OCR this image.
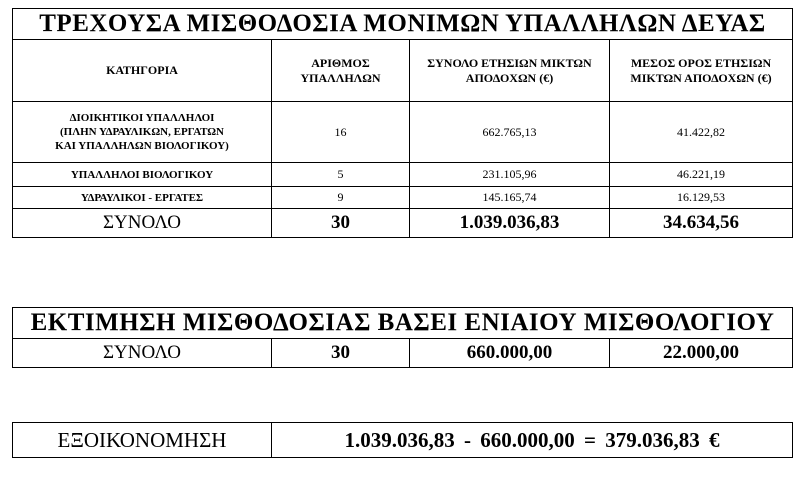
ΤΡΕΧΟΥΣΑ ΜΙΣΘΟΔΟΣΙΑ ΜΟΝΙΜΩΝ ΥΠΑΛΛΗΛΩΝ ΔΕΥΑΣ			
ΚΑΤΗΓΟΡΙΑ	ΑΡΙΘΜΟΣ ΥΠΑΛΛΗΛΩΝ	ΣΥΝΟΛΟ ΕΤΗΣΙΩΝ ΜΙΚΤΩΝ ΑΠΟΔΟΧΩΝ (€)	ΜΕΣΟΣ ΟΡΟΣ ΕΤΗΣΙΩΝ ΜΙΚΤΩΝ ΑΠΟΔΟΧΩΝ (€)

ΔΙΟΙΚΗΤΙΚΟΙ ΥΠΑΛΛΗΛΟΙ
(ΠΛΗΝ ΥΔΡΑΥΛΙΚΩΝ, ΕΡΓΑΤΩΝ
ΚΑΙ ΥΠΑΛΛΗΛΩΝ ΒΙΟΛΟΓΙΚΟΥ)	16	662.765,13	41.422,82
ΥΠΑΛΛΗΛΟΙ ΒΙΟΛΟΓΙΚΟΥ	5	231.105,96	46.221,19
ΥΔΡΑΥΛΙΚΟΙ - ΕΡΓΑΤΕΣ	9	145.165,74	16.129,53
ΣΥΝΟΛΟ	30	1.039.036,83	34.634,56
ΕΚΤΙΜΗΣΗ ΜΙΣΘΟΔΟΣΙΑΣ ΒΑΣΕΙ ΕΝΙΑΙΟΥ ΜΙΣΘΟΛΟΓΙΟΥ
ΣΥΝΟΛΟ	30	660.000,00	22.000,00
ΕΞΟΙΚΟΝΟΜΗΣΗ	1.039.036,83 - 660.000,00 = 379.036,83 €
